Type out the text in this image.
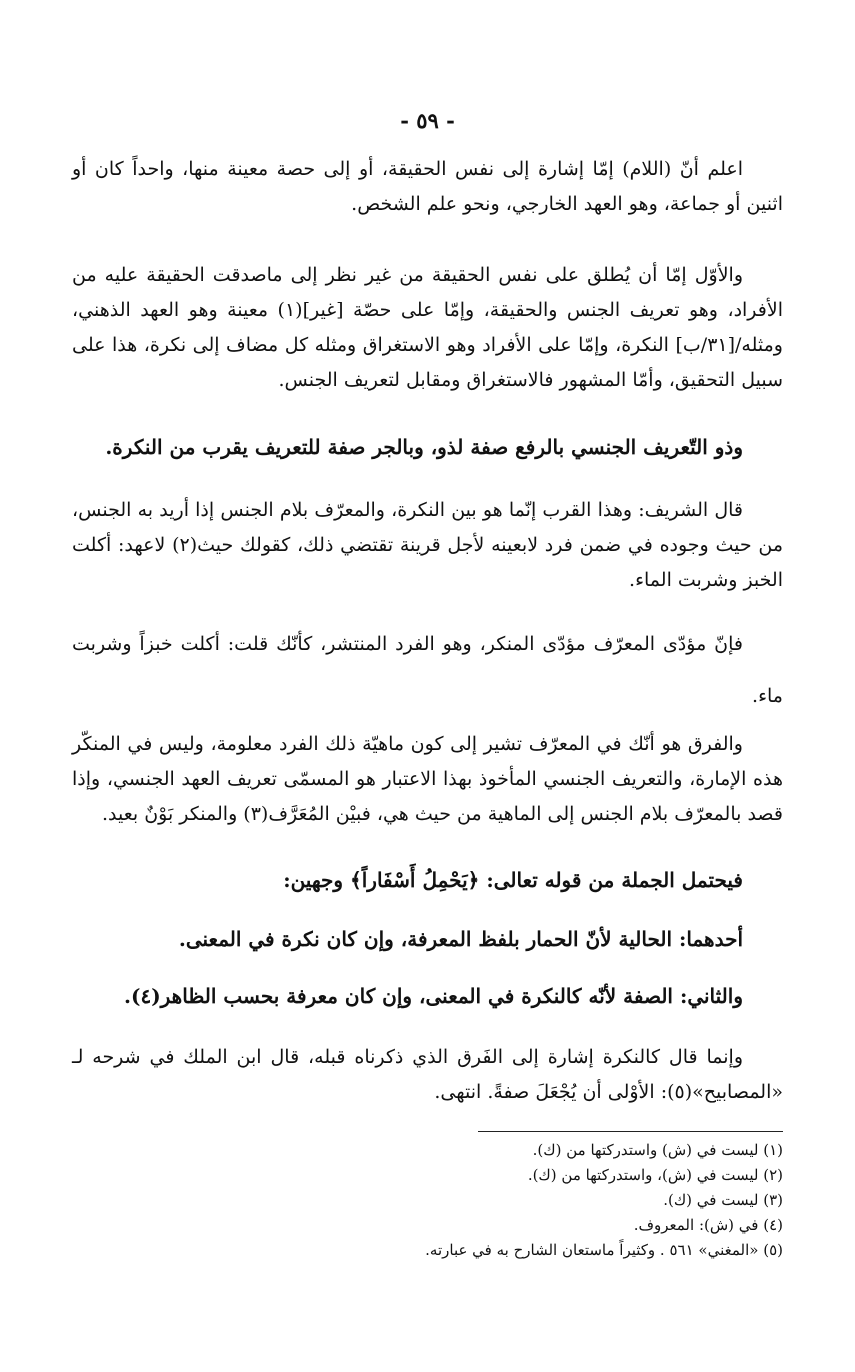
- ٥٩ -

اعلم أنّ (اللام) إمّا إشارة إلى نفس الحقيقة، أو إلى حصة معينة منها، واحداً كان أو اثنين أو جماعة، وهو العهد الخارجي، ونحو علم الشخص.

والأوّل إمّا أن يُطلق على نفس الحقيقة من غير نظر إلى ماصدقت الحقيقة عليه من الأفراد، وهو تعريف الجنس والحقيقة، وإمّا على حصّة [غير](١) معينة وهو العهد الذهني، ومثله/[٣١/ب] النكرة، وإمّا على الأفراد وهو الاستغراق ومثله كل مضاف إلى نكرة، هذا على سبيل التحقيق، وأمّا المشهور فالاستغراق ومقابل لتعريف الجنس.

وذو التّعريف الجنسي بالرفع صفة لذو، وبالجر صفة للتعريف يقرب من النكرة.

قال الشريف: وهذا القرب إنّما هو بين النكرة، والمعرّف بلام الجنس إذا أريد به الجنس، من حيث وجوده في ضمن فرد لابعينه لأجل قرينة تقتضي ذلك، كقولك حيث(٢) لاعهد: أكلت الخبز وشربت الماء.

فإنّ مؤدّى المعرّف مؤدّى المنكر، وهو الفرد المنتشر، كأنّك قلت: أكلت خبزاً وشربت ماء.

والفرق هو أنّك في المعرّف تشير إلى كون ماهيّة ذلك الفرد معلومة، وليس في المنكّر هذه الإمارة، والتعريف الجنسي المأخوذ بهذا الاعتبار هو المسمّى تعريف العهد الجنسي، وإذا قصد بالمعرّف بلام الجنس إلى الماهية من حيث هي، فبيْن المُعَرَّف(٣) والمنكر بَوْنٌ بعيد.

فيحتمل الجملة من قوله تعالى: ﴿يَحْمِلُ أَسْفَاراً﴾ وجهين:

أحدهما: الحالية لأنّ الحمار بلفظ المعرفة، وإن كان نكرة في المعنى.

والثاني: الصفة لأنّه كالنكرة في المعنى، وإن كان معرفة بحسب الظاهر(٤).

وإنما قال كالنكرة إشارة إلى الفَرق الذي ذكرناه قبله، قال ابن الملك في شرحه لـ «المصابيح»(٥): الأوْلى أن يُجْعَلَ صفةً. انتهى.

(١) ليست في (ش) واستدركتها من (ك).
(٢) ليست في (ش)، واستدركتها من (ك).
(٣) ليست في (ك).
(٤) في (ش): المعروف.
(٥) «المغني» ٥٦١ . وكثيراً ماستعان الشارح به في عبارته.
